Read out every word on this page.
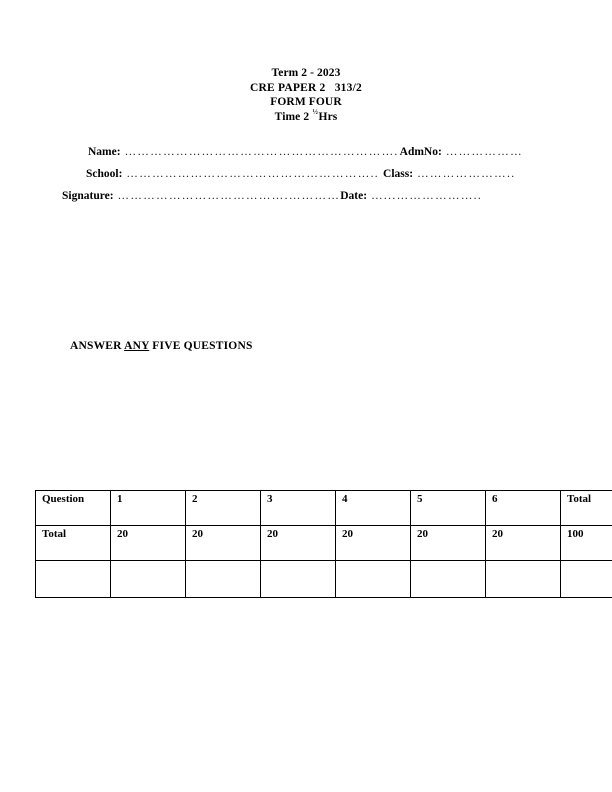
Term 2 - 2023
CRE PAPER 2   313/2
FORM FOUR
Time 2 $^{\frac{1}{2}}$Hrs
Name: ………………………………………………………. AdmNo: ………………
School: ………………………………………………….. Class: …………………..
Signature: ………………………………….………… Date: …...………………..
ANSWER ANY FIVE QUESTIONS
Question	1	2	3	4	5	6	Total
Total	20	20	20	20	20	20	100
